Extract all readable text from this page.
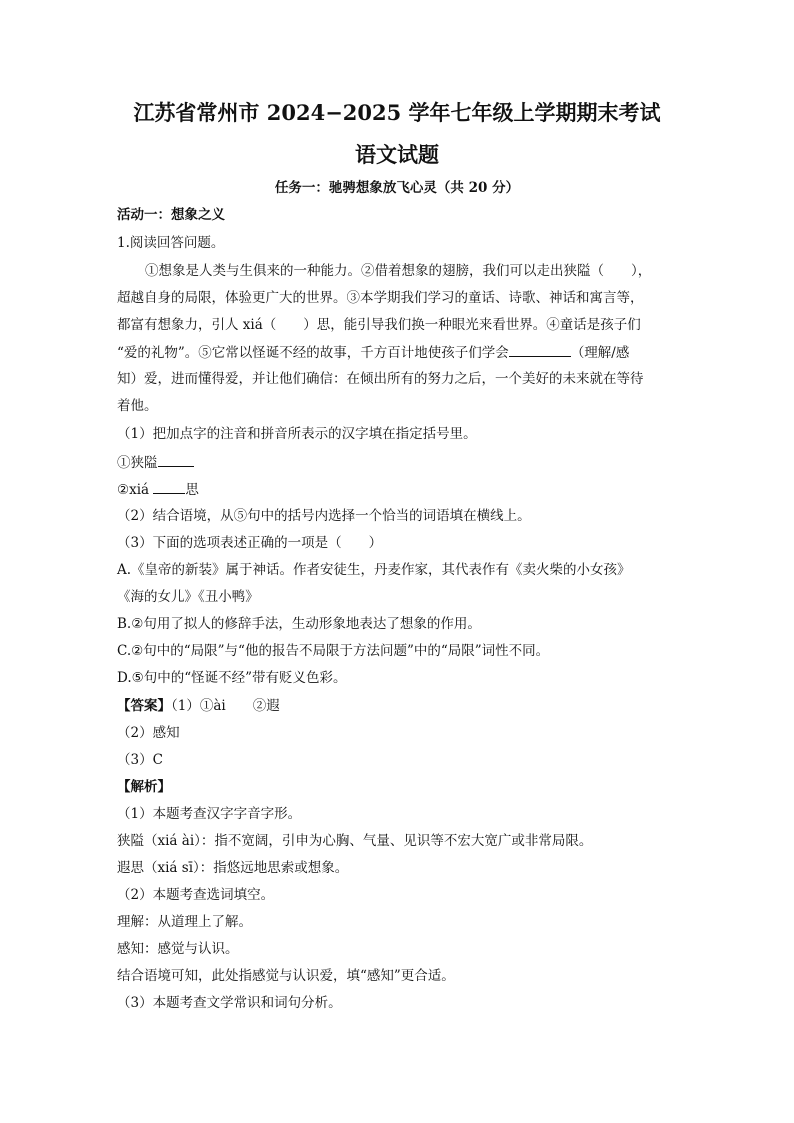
江苏省常州市 2024−2025 学年七年级上学期期末考试
语文试题
任务一：驰骋想象放飞心灵（共 20 分）
活动一：想象之义
1.阅读回答问题。
①想象是人类与生俱来的一种能力。②借着想象的翅膀，我们可以走出狭隘（　　），
超越自身的局限，体验更广大的世界。③本学期我们学习的童话、诗歌、神话和寓言等，
都富有想象力，引人 xiá（　　）思，能引导我们换一种眼光来看世界。④童话是孩子们
“爱的礼物”。⑤它常以怪诞不经的故事，千方百计地使孩子们学会	（理解/感
知）爱，进而懂得爱，并让他们确信：在倾出所有的努力之后，一个美好的未来就在等待
着他。
（1）把加点字的注音和拼音所表示的汉字填在指定括号里。
①狭隘
②xiá	思
（2）结合语境，从⑤句中的括号内选择一个恰当的词语填在横线上。
（3）下面的选项表述正确的一项是（　　）
A.《皇帝的新装》属于神话。作者安徒生，丹麦作家，其代表作有《卖火柴的小女孩》
《海的女儿》《丑小鸭》
B.②句用了拟人的修辞手法，生动形象地表达了想象的作用。
C.②句中的“局限”与“他的报告不局限于方法问题”中的“局限”词性不同。
D.⑤句中的“怪诞不经”带有贬义色彩。
【答案】（1）①ài　　②遐
（2）感知
（3）C
【解析】
（1）本题考查汉字字音字形。
狭隘（xiá ài）：指不宽阔，引申为心胸、气量、见识等不宏大宽广或非常局限。
遐思（xiá sī）：指悠远地思索或想象。
（2）本题考查选词填空。
理解：从道理上了解。
感知：感觉与认识。
结合语境可知，此处指感觉与认识爱，填“感知”更合适。
（3）本题考查文学常识和词句分析。
